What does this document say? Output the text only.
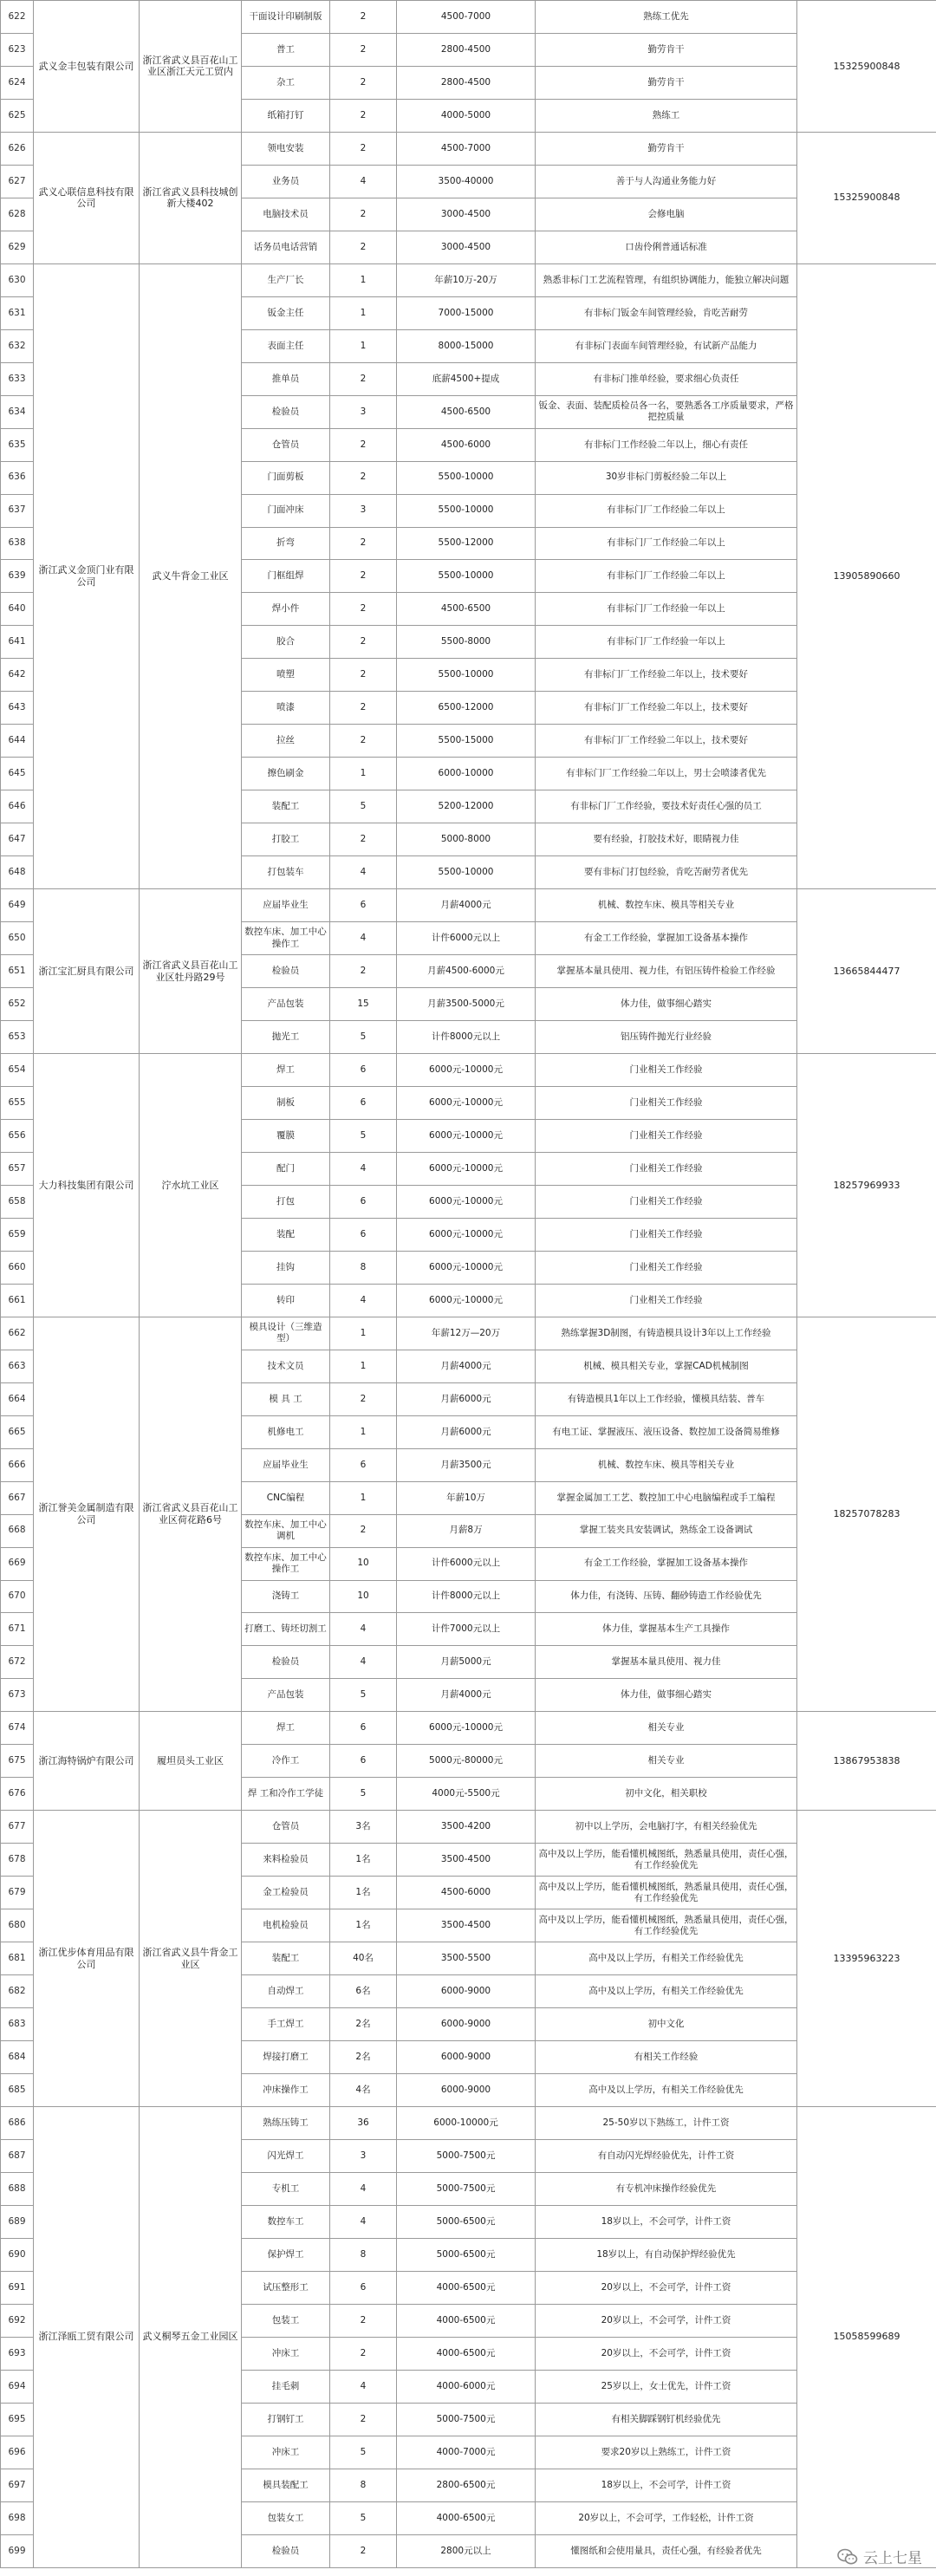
622	武义金丰包装有限公司	浙江省武义县百花山工业区浙江天元工贸内	干面设计印刷制版	2	4500-7000	熟练工优先	15325900848
623			普工	2	2800-4500	勤劳肯干	
624			杂工	2	2800-4500	勤劳肯干	
625			纸箱打钉	2	4000-5000	熟练工	
626	武义心联信息科技有限公司	浙江省武义县科技城创新大楼402	领电安装	2	4500-7000	勤劳肯干	15325900848
627			业务员	4	3500-40000	善于与人沟通业务能力好	
628			电脑技术员	2	3000-4500	会修电脑	
629			话务员电话营销	2	3000-4500	口齿伶俐普通话标准	
630	浙江武义金顶门业有限公司	武义牛背金工业区	生产厂长	1	年薪10万-20万	熟悉非标门工艺流程管理，有组织协调能力，能独立解决问题	13905890660
631			钣金主任	1	7000-15000	有非标门钣金车间管理经验，肯吃苦耐劳	
632			表面主任	1	8000-15000	有非标门表面车间管理经验，有试新产品能力	
633			推单员	2	底薪4500+提成	有非标门推单经验，要求细心负责任	
634			检验员	3	4500-6500	钣金、表面、装配质检员各一名，要熟悉各工序质量要求，严格把控质量	
635			仓管员	2	4500-6000	有非标门工作经验二年以上，细心有责任	
636			门面剪板	2	5500-10000	30岁非标门剪板经验二年以上	
637			门面冲床	3	5500-10000	有非标门厂工作经验二年以上	
638			折弯	2	5500-12000	有非标门厂工作经验二年以上	
639			门框组焊	2	5500-10000	有非标门厂工作经验二年以上	
640			焊小件	2	4500-6500	有非标门厂工作经验一年以上	
641			胶合	2	5500-8000	有非标门厂工作经验一年以上	
642			喷塑	2	5500-10000	有非标门厂工作经验二年以上，技术要好	
643			喷漆	2	6500-12000	有非标门厂工作经验二年以上，技术要好	
644			拉丝	2	5500-15000	有非标门厂工作经验二年以上，技术要好	
645			擦色刷金	1	6000-10000	有非标门厂工作经验二年以上，男士会喷漆者优先	
646			装配工	5	5200-12000	有非标门厂工作经验，要技术好责任心强的员工	
647			打胶工	2	5000-8000	要有经验，打胶技术好，眼睛视力佳	
648			打包装车	4	5500-10000	要有非标门打包经验，肯吃苦耐劳者优先	
649	浙江宝汇厨具有限公司	浙江省武义县百花山工业区牡丹路29号	应届毕业生	6	月薪4000元	机械、数控车床、模具等相关专业	13665844477
650			数控车床、加工中心操作工	4	计件6000元以上	有金工工作经验，掌握加工设备基本操作	
651			检验员	2	月薪4500-6000元	掌握基本量具使用、视力佳，有铝压铸件检验工作经验	
652			产品包装	15	月薪3500-5000元	体力佳，做事细心踏实	
653			抛光工	5	计件8000元以上	铝压铸件抛光行业经验	
654	大力科技集团有限公司	泞水坑工业区	焊工	6	6000元-10000元	门业相关工作经验	18257969933
655			制板	6	6000元-10000元	门业相关工作经验	
656			覆膜	5	6000元-10000元	门业相关工作经验	
657			配门	4	6000元-10000元	门业相关工作经验	
658			打包	6	6000元-10000元	门业相关工作经验	
659			装配	6	6000元-10000元	门业相关工作经验	
660			挂钩	8	6000元-10000元	门业相关工作经验	
661			转印	4	6000元-10000元	门业相关工作经验	
662	浙江誉美金属制造有限公司	浙江省武义县百花山工业区荷花路6号	模具设计（三维造型）	1	年薪12万—20万	熟练掌握3D制图，有铸造模具设计3年以上工作经验	18257078283
663			技术文员	1	月薪4000元	机械、模具相关专业，掌握CAD机械制图	
664			模 具 工	2	月薪6000元	有铸造模具1年以上工作经验，懂模具结装、普车	
665			机修电工	1	月薪6000元	有电工证、掌握液压、液压设备、数控加工设备简易维修	
666			应届毕业生	6	月薪3500元	机械、数控车床、模具等相关专业	
667			CNC编程	1	年薪10万	掌握金属加工工艺、数控加工中心电脑编程或手工编程	
668			数控车床、加工中心调机	2	月薪8万	掌握工装夹具安装调试，熟练金工设备调试	
669			数控车床、加工中心操作工	10	计件6000元以上	有金工工作经验，掌握加工设备基本操作	
670			浇铸工	10	计件8000元以上	体力佳，有浇铸、压铸、翻砂铸造工作经验优先	
671			打磨工、铸坯切割工	4	计件7000元以上	体力佳，掌握基本生产工具操作	
672			检验员	4	月薪5000元	掌握基本量具使用、视力佳	
673			产品包装	5	月薪4000元	体力佳，做事细心踏实	
674	浙江海特锅炉有限公司	履坦员头工业区	焊工	6	6000元-10000元	相关专业	13867953838
675			冷作工	6	5000元-80000元	相关专业	
676			焊 工和冷作工学徒	5	4000元-5500元	初中文化，相关职校	
677	浙江优步体育用品有限公司	浙江省武义县牛背金工业区	仓管员	3名	3500-4200	初中以上学历，会电脑打字，有相关经验优先	13395963223
678			来料检验员	1名	3500-4500	高中及以上学历，能看懂机械图纸，熟悉量具使用，责任心强，有工作经验优先	
679			金工检验员	1名	4500-6000	高中及以上学历，能看懂机械图纸，熟悉量具使用，责任心强，有工作经验优先	
680			电机检验员	1名	3500-4500	高中及以上学历，能看懂机械图纸，熟悉量具使用，责任心强，有工作经验优先	
681			装配工	40名	3500-5500	高中及以上学历，有相关工作经验优先	
682			自动焊工	6名	6000-9000	高中及以上学历，有相关工作经验优先	
683			手工焊工	2名	6000-9000	初中文化	
684			焊接打磨工	2名	6000-9000	有相关工作经验	
685			冲床操作工	4名	6000-9000	高中及以上学历，有相关工作经验优先	
686	浙江泽瓯工贸有限公司	武义桐琴五金工业园区	熟练压铸工	36	6000-10000元	25-50岁以下熟练工，计件工资	15058599689
687			闪光焊工	3	5000-7500元	有自动闪光焊经验优先，计件工资	
688			专机工	4	5000-7500元	有专机冲床操作经验优先	
689			数控车工	4	5000-6500元	18岁以上，不会可学，计件工资	
690			保护焊工	8	5000-6500元	18岁以上，有自动保护焊经验优先	
691			试压整形工	6	4000-6500元	20岁以上，不会可学，计件工资	
692			包装工	2	4000-6500元	20岁以上，不会可学，计件工资	
693			冲床工	2	4000-6500元	20岁以上，不会可学，计件工资	
694			挂毛刺	4	4000-6000元	25岁以上，女士优先，计件工资	
695			打钢钉工	2	5000-7500元	有相关脚踩钢钉机经验优先	
696			冲床工	5	4000-7000元	要求20岁以上熟练工，计件工资	
697			模具装配工	8	2800-6500元	18岁以上，不会可学，计件工资	
698			包装女工	5	4000-6500元	20岁以上，不会可学，工作轻松，计件工资	
699			检验员	2	2800元以上	懂图纸和会使用量具，责任心强，有经验者优先		云上七星
